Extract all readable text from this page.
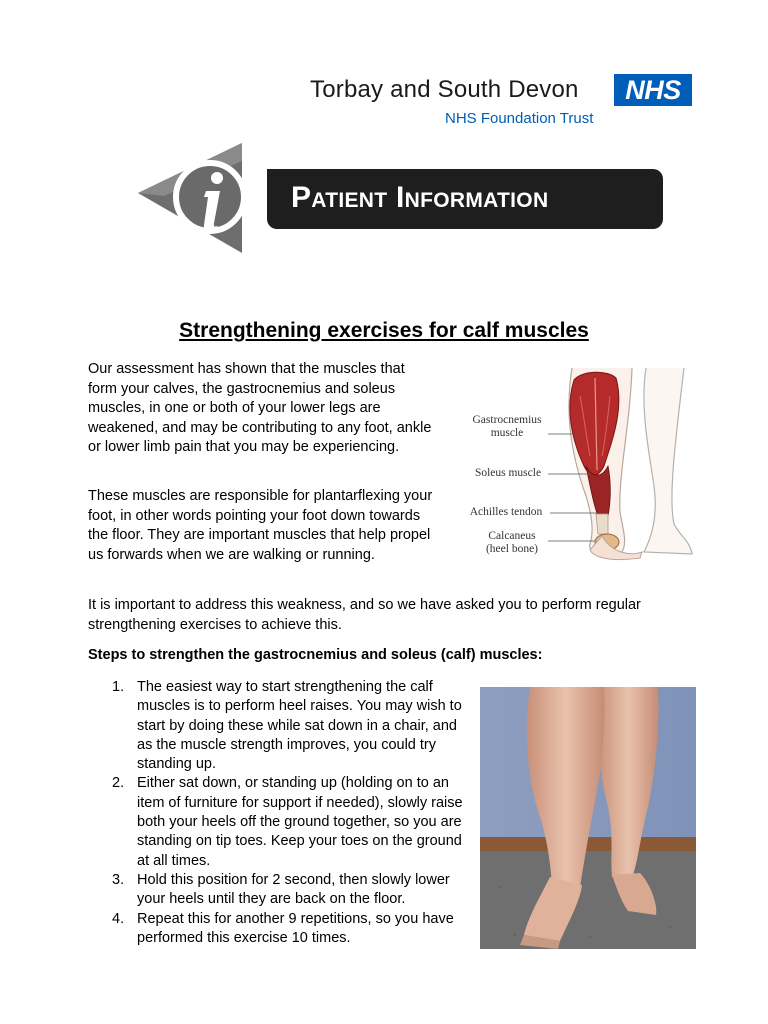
Torbay and South Devon	NHS
NHS Foundation Trust
Patient Information
Strengthening exercises for calf muscles
Our assessment has shown that the muscles that form your calves, the gastrocnemius and soleus muscles, in one or both of your lower legs are weakened, and may be contributing to any foot, ankle or lower limb pain that you may be experiencing.
These muscles are responsible for plantarflexing your foot, in other words pointing your foot down towards the floor. They are important muscles that help propel us forwards when we are walking or running.
It is important to address this weakness, and so we have asked you to perform regular strengthening exercises to achieve this.
Gastrocnemius
muscle
Soleus muscle
Achilles tendon
Calcaneus
(heel bone)
Steps to strengthen the gastrocnemius and soleus (calf) muscles:
1. The easiest way to start strengthening the calf muscles is to perform heel raises. You may wish to start by doing these while sat down in a chair, and as the muscle strength improves, you could try standing up.
2. Either sat down, or standing up (holding on to an item of furniture for support if needed), slowly raise both your heels off the ground together, so you are standing on tip toes. Keep your toes on the ground at all times.
3. Hold this position for 2 second, then slowly lower your heels until they are back on the floor.
4. Repeat this for another 9 repetitions, so you have performed this exercise 10 times.
